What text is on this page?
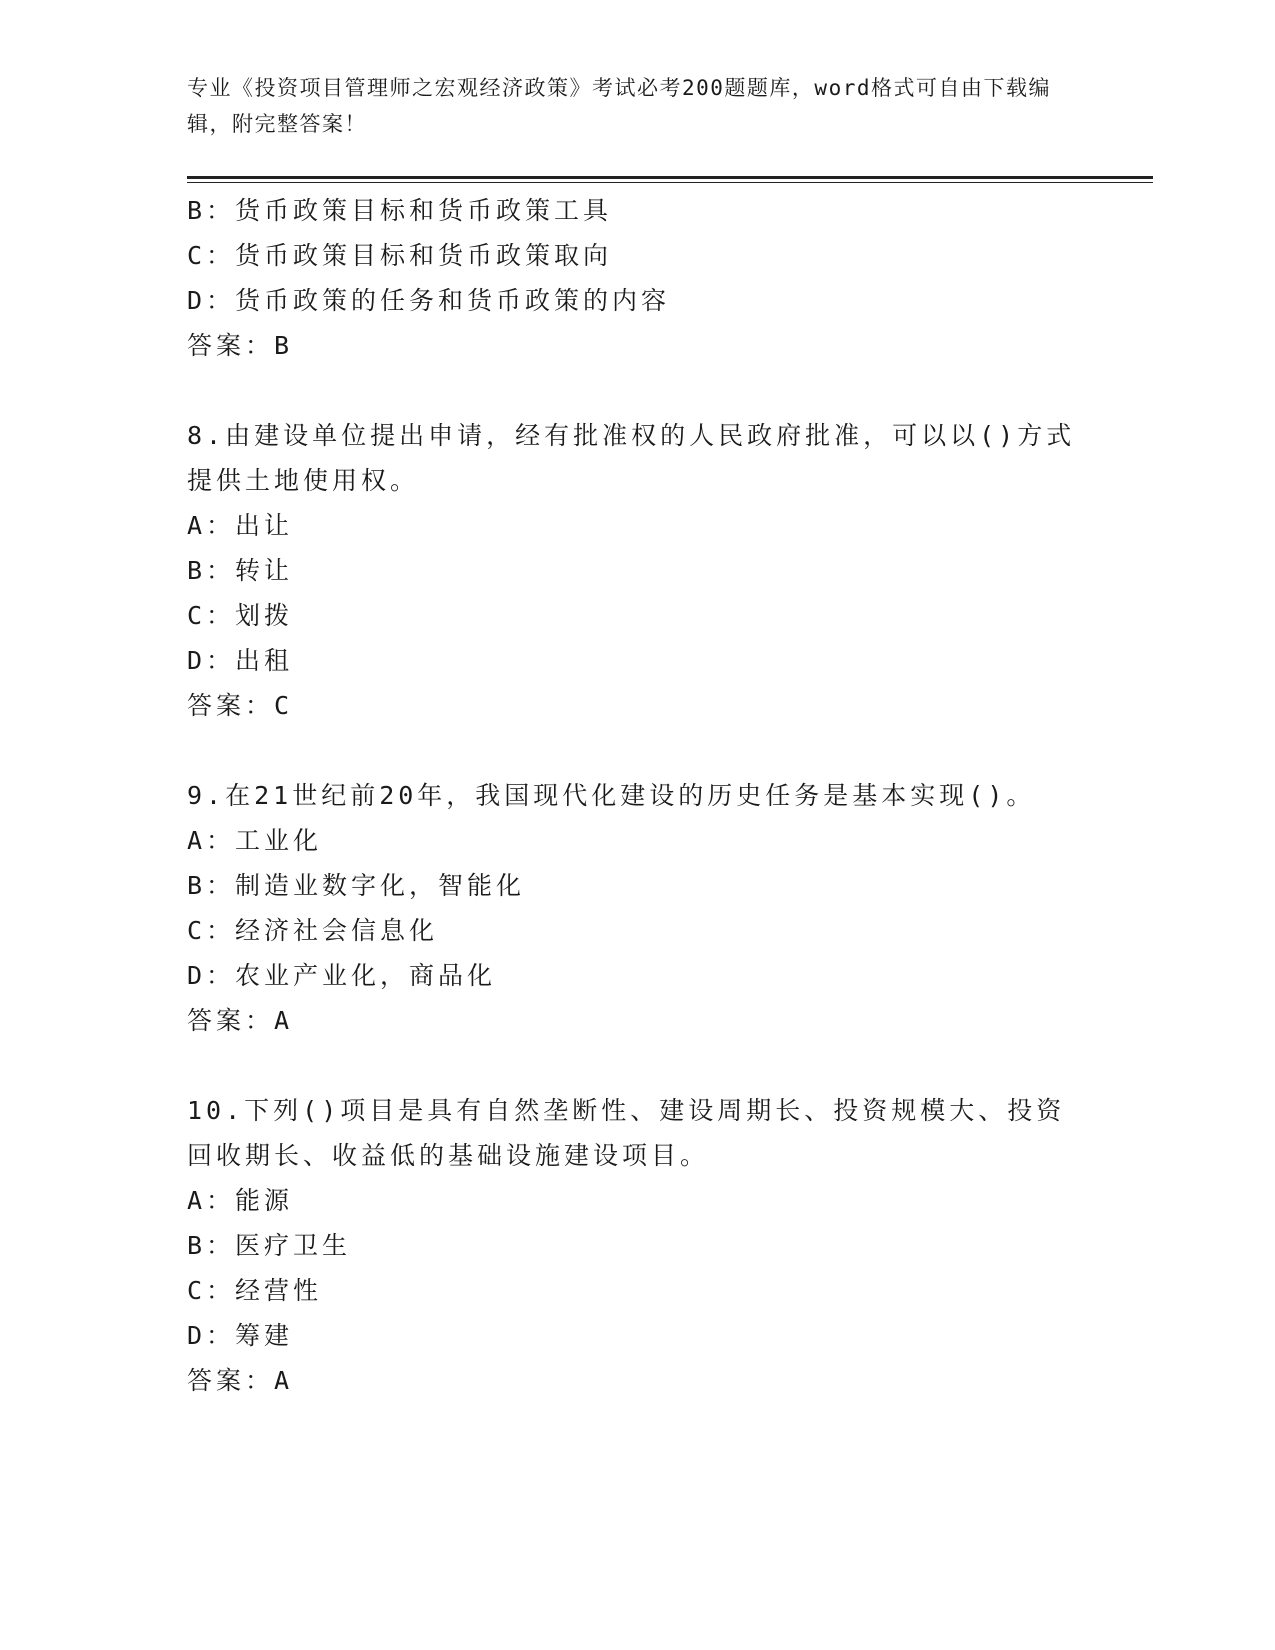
专业《投资项目管理师之宏观经济政策》考试必考200题题库，word格式可自由下载编辑，附完整答案！
B：货币政策目标和货币政策工具
C：货币政策目标和货币政策取向
D：货币政策的任务和货币政策的内容
答案：B
8.由建设单位提出申请，经有批准权的人民政府批准，可以以()方式提供土地使用权。
A：出让
B：转让
C：划拨
D：出租
答案：C
9.在21世纪前20年，我国现代化建设的历史任务是基本实现()。
A：工业化
B：制造业数字化，智能化
C：经济社会信息化
D：农业产业化，商品化
答案：A
10.下列()项目是具有自然垄断性、建设周期长、投资规模大、投资回收期长、收益低的基础设施建设项目。
A：能源
B：医疗卫生
C：经营性
D：筹建
答案：A
